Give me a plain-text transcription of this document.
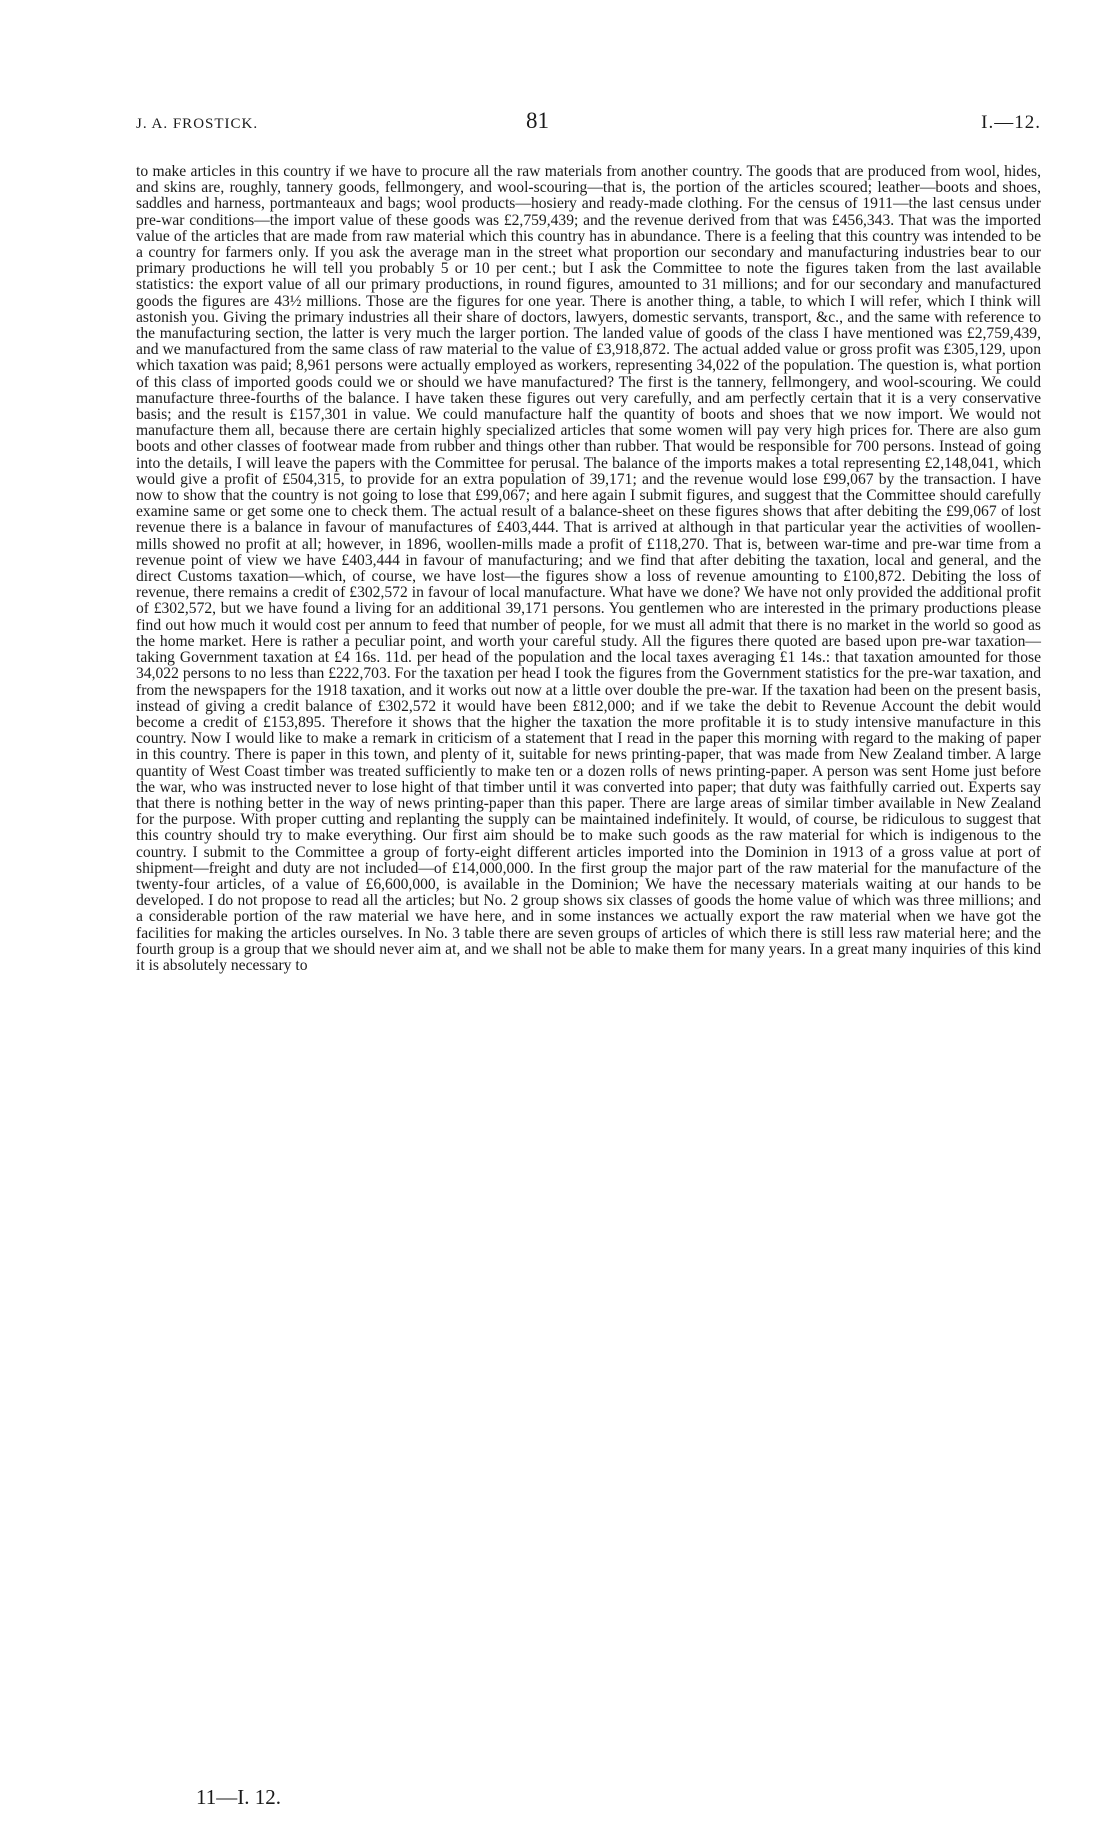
J. A. FROSTICK.	81	I.—12.

to make articles in this country if we have to procure all the raw materials from another country. The goods that are produced from wool, hides, and skins are, roughly, tannery goods, fellmongery, and wool-scouring—that is, the portion of the articles scoured; leather—boots and shoes, saddles and harness, portmanteaux and bags; wool products—hosiery and ready-made clothing. For the census of 1911—the last census under pre-war conditions—the import value of these goods was £2,759,439; and the revenue derived from that was £456,343. That was the imported value of the articles that are made from raw material which this country has in abundance. There is a feeling that this country was intended to be a country for farmers only. If you ask the average man in the street what proportion our secondary and manufacturing industries bear to our primary productions he will tell you probably 5 or 10 per cent.; but I ask the Committee to note the figures taken from the last available statistics: the export value of all our primary productions, in round figures, amounted to 31 millions; and for our secondary and manufactured goods the figures are 43½ millions. Those are the figures for one year. There is another thing, a table, to which I will refer, which I think will astonish you. Giving the primary industries all their share of doctors, lawyers, domestic servants, transport, &c., and the same with reference to the manufacturing section, the latter is very much the larger portion. The landed value of goods of the class I have mentioned was £2,759,439, and we manufactured from the same class of raw material to the value of £3,918,872. The actual added value or gross profit was £305,129, upon which taxation was paid; 8,961 persons were actually employed as workers, representing 34,022 of the population. The question is, what portion of this class of imported goods could we or should we have manufactured? The first is the tannery, fellmongery, and wool-scouring. We could manufacture three-fourths of the balance. I have taken these figures out very carefully, and am perfectly certain that it is a very conservative basis; and the result is £157,301 in value. We could manufacture half the quantity of boots and shoes that we now import. We would not manufacture them all, because there are certain highly specialized articles that some women will pay very high prices for. There are also gum boots and other classes of footwear made from rubber and things other than rubber. That would be responsible for 700 persons. Instead of going into the details, I will leave the papers with the Committee for perusal. The balance of the imports makes a total representing £2,148,041, which would give a profit of £504,315, to provide for an extra population of 39,171; and the revenue would lose £99,067 by the transaction. I have now to show that the country is not going to lose that £99,067; and here again I submit figures, and suggest that the Committee should carefully examine same or get some one to check them. The actual result of a balance-sheet on these figures shows that after debiting the £99,067 of lost revenue there is a balance in favour of manufactures of £403,444. That is arrived at although in that particular year the activities of woollen-mills showed no profit at all; however, in 1896, woollen-mills made a profit of £118,270. That is, between war-time and pre-war time from a revenue point of view we have £403,444 in favour of manufacturing; and we find that after debiting the taxation, local and general, and the direct Customs taxation—which, of course, we have lost—the figures show a loss of revenue amounting to £100,872. Debiting the loss of revenue, there remains a credit of £302,572 in favour of local manufacture. What have we done? We have not only provided the additional profit of £302,572, but we have found a living for an additional 39,171 persons. You gentlemen who are interested in the primary productions please find out how much it would cost per annum to feed that number of people, for we must all admit that there is no market in the world so good as the home market. Here is rather a peculiar point, and worth your careful study. All the figures there quoted are based upon pre-war taxation—taking Government taxation at £4 16s. 11d. per head of the population and the local taxes averaging £1 14s.: that taxation amounted for those 34,022 persons to no less than £222,703. For the taxation per head I took the figures from the Government statistics for the pre-war taxation, and from the newspapers for the 1918 taxation, and it works out now at a little over double the pre-war. If the taxation had been on the present basis, instead of giving a credit balance of £302,572 it would have been £812,000; and if we take the debit to Revenue Account the debit would become a credit of £153,895. Therefore it shows that the higher the taxation the more profitable it is to study intensive manufacture in this country. Now I would like to make a remark in criticism of a statement that I read in the paper this morning with regard to the making of paper in this country. There is paper in this town, and plenty of it, suitable for news printing-paper, that was made from New Zealand timber. A large quantity of West Coast timber was treated sufficiently to make ten or a dozen rolls of news printing-paper. A person was sent Home just before the war, who was instructed never to lose hight of that timber until it was converted into paper; that duty was faithfully carried out. Experts say that there is nothing better in the way of news printing-paper than this paper. There are large areas of similar timber available in New Zealand for the purpose. With proper cutting and replanting the supply can be maintained indefinitely. It would, of course, be ridiculous to suggest that this country should try to make everything. Our first aim should be to make such goods as the raw material for which is indigenous to the country. I submit to the Committee a group of forty-eight different articles imported into the Dominion in 1913 of a gross value at port of shipment—freight and duty are not included—of £14,000,000. In the first group the major part of the raw material for the manufacture of the twenty-four articles, of a value of £6,600,000, is available in the Dominion; We have the necessary materials waiting at our hands to be developed. I do not propose to read all the articles; but No. 2 group shows six classes of goods the home value of which was three millions; and a considerable portion of the raw material we have here, and in some instances we actually export the raw material when we have got the facilities for making the articles ourselves. In No. 3 table there are seven groups of articles of which there is still less raw material here; and the fourth group is a group that we should never aim at, and we shall not be able to make them for many years. In a great many inquiries of this kind it is absolutely necessary to

11—I. 12.
